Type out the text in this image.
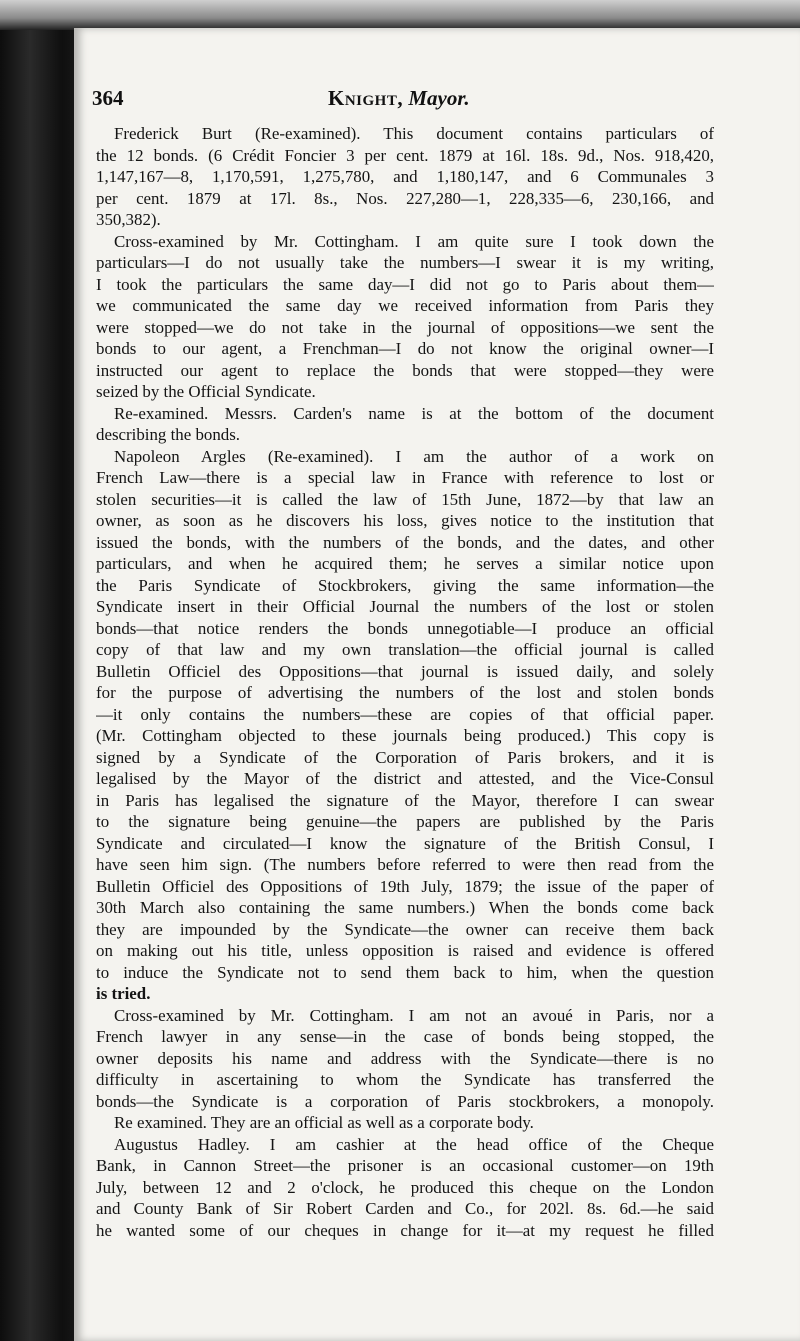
364	Knight, Mayor.
Frederick Burt (Re-examined). This document contains particulars of
the 12 bonds. (6 Crédit Foncier 3 per cent. 1879 at 16l. 18s. 9d., Nos. 918,420,
1,147,167—8, 1,170,591, 1,275,780, and 1,180,147, and 6 Communales 3
per cent. 1879 at 17l. 8s., Nos. 227,280—1, 228,335—6, 230,166, and
350,382).
Cross-examined by Mr. Cottingham. I am quite sure I took down the
particulars—I do not usually take the numbers—I swear it is my writing,
I took the particulars the same day—I did not go to Paris about them—
we communicated the same day we received information from Paris they
were stopped—we do not take in the journal of oppositions—we sent the
bonds to our agent, a Frenchman—I do not know the original owner—I
instructed our agent to replace the bonds that were stopped—they were
seized by the Official Syndicate.
Re-examined. Messrs. Carden's name is at the bottom of the document
describing the bonds.
Napoleon Argles (Re-examined). I am the author of a work on
French Law—there is a special law in France with reference to lost or
stolen securities—it is called the law of 15th June, 1872—by that law an
owner, as soon as he discovers his loss, gives notice to the institution that
issued the bonds, with the numbers of the bonds, and the dates, and other
particulars, and when he acquired them; he serves a similar notice upon
the Paris Syndicate of Stockbrokers, giving the same information—the
Syndicate insert in their Official Journal the numbers of the lost or stolen
bonds—that notice renders the bonds unnegotiable—I produce an official
copy of that law and my own translation—the official journal is called
Bulletin Officiel des Oppositions—that journal is issued daily, and solely
for the purpose of advertising the numbers of the lost and stolen bonds
—it only contains the numbers—these are copies of that official paper.
(Mr. Cottingham objected to these journals being produced.) This copy is
signed by a Syndicate of the Corporation of Paris brokers, and it is
legalised by the Mayor of the district and attested, and the Vice-Consul
in Paris has legalised the signature of the Mayor, therefore I can swear
to the signature being genuine—the papers are published by the Paris
Syndicate and circulated—I know the signature of the British Consul, I
have seen him sign. (The numbers before referred to were then read from the
Bulletin Officiel des Oppositions of 19th July, 1879; the issue of the paper of
30th March also containing the same numbers.) When the bonds come back
they are impounded by the Syndicate—the owner can receive them back
on making out his title, unless opposition is raised and evidence is offered
to induce the Syndicate not to send them back to him, when the question
is tried.
Cross-examined by Mr. Cottingham. I am not an avoué in Paris, nor a
French lawyer in any sense—in the case of bonds being stopped, the
owner deposits his name and address with the Syndicate—there is no
difficulty in ascertaining to whom the Syndicate has transferred the
bonds—the Syndicate is a corporation of Paris stockbrokers, a monopoly.
Re examined. They are an official as well as a corporate body.
Augustus Hadley. I am cashier at the head office of the Cheque
Bank, in Cannon Street—the prisoner is an occasional customer—on 19th
July, between 12 and 2 o'clock, he produced this cheque on the London
and County Bank of Sir Robert Carden and Co., for 202l. 8s. 6d.—he said
he wanted some of our cheques in change for it—at my request he filled
